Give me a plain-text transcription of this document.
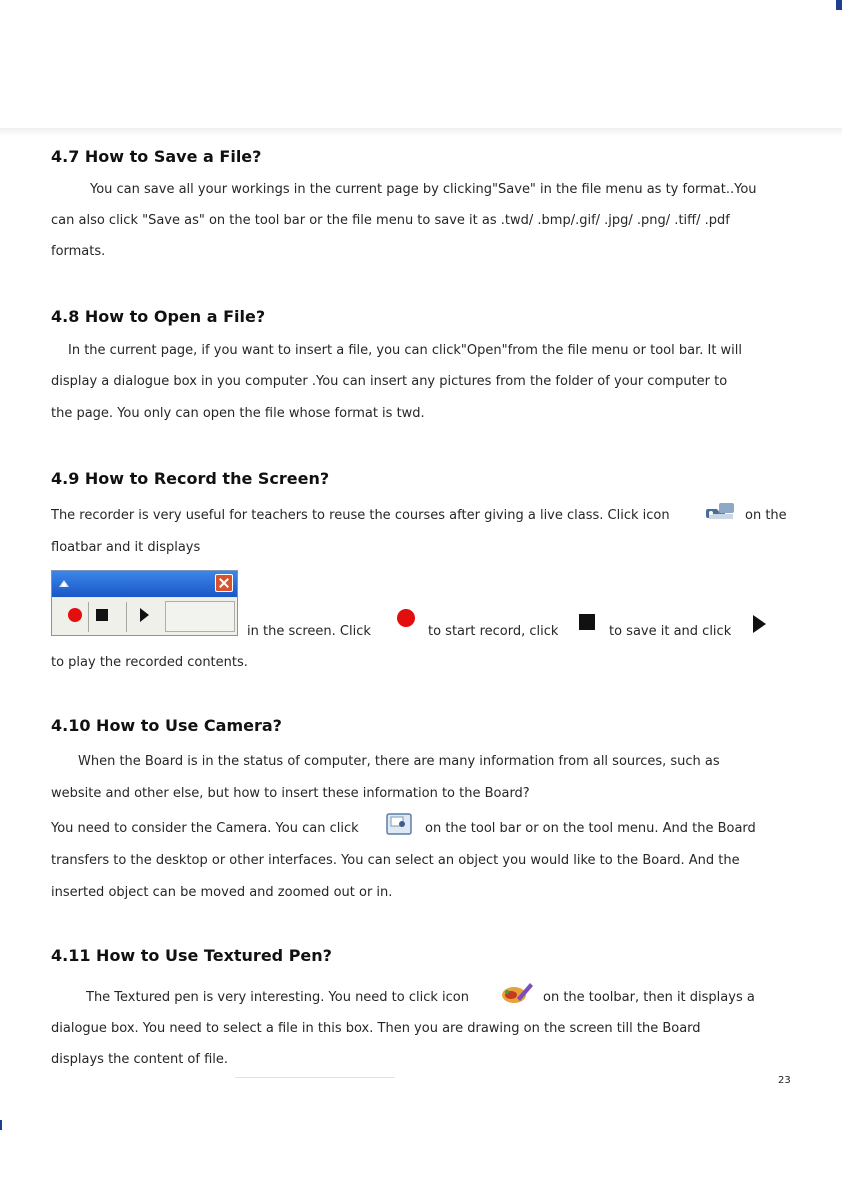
4.7 How to Save a File?
You can save all your workings in the current page by clicking"Save" in the file menu as ty format..You
can also click "Save as" on the tool bar or the file menu to save it as .twd/ .bmp/.gif/ .jpg/ .png/ .tiff/ .pdf
formats.
4.8 How to Open a File?
In the current page, if you want to insert a file, you can click"Open"from the file menu or tool bar. It will
display a dialogue box in you computer .You can insert any pictures from the folder of your computer to
the page. You only can open the file whose format is twd.
4.9 How to Record the Screen?
The recorder is very useful for teachers to reuse the courses after giving a live class. Click icon	on the
floatbar and it displays
in the screen. Click	to start record, click	to save it and click
to play the recorded contents.
4.10 How to Use Camera?
When the Board is in the status of computer, there are many information from all sources, such as
website and other else, but how to insert these information to the Board?
You need to consider the Camera. You can click	on the tool bar or on the tool menu. And the Board
transfers to the desktop or other interfaces. You can select an object you would like to the Board. And the
inserted object can be moved and zoomed out or in.
4.11 How to Use Textured Pen?
The Textured pen is very interesting. You need to click icon	on the toolbar, then it displays a
dialogue box. You need to select a file in this box. Then you are drawing on the screen till the Board
displays the content of file.
23
